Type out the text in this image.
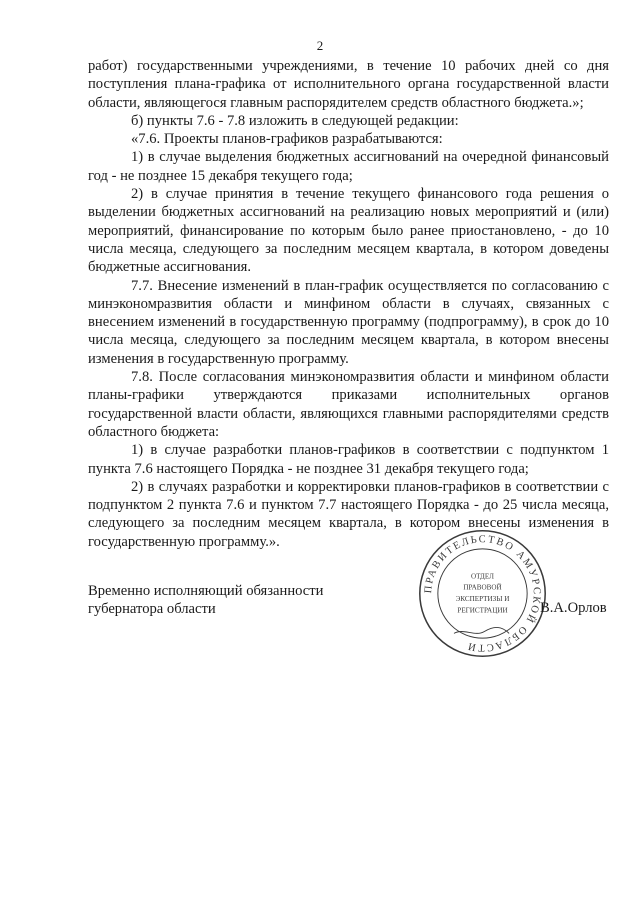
2

работ) государственными учреждениями, в течение 10 рабочих дней со дня поступления плана-графика от исполнительного органа государственной власти области, являющегося главным распорядителем средств областного бюджета.»;

б) пункты 7.6 - 7.8 изложить в следующей редакции:

«7.6. Проекты планов-графиков разрабатываются:

1) в случае выделения бюджетных ассигнований на очередной финансовый год - не позднее 15 декабря текущего года;

2) в случае принятия в течение текущего финансового года решения о выделении бюджетных ассигнований на реализацию новых мероприятий и (или) мероприятий, финансирование по которым было ранее приостановлено, - до 10 числа месяца, следующего за последним месяцем квартала, в котором доведены бюджетные ассигнования.

7.7. Внесение изменений в план-график осуществляется по согласованию с минэкономразвития области и минфином области в случаях, связанных с внесением изменений в государственную программу (подпрограмму), в срок до 10 числа месяца, следующего за последним месяцем квартала, в котором внесены изменения в государственную программу.

7.8. После согласования минэкономразвития области и минфином области планы-графики утверждаются приказами исполнительных органов государственной власти области, являющихся главными распорядителями средств областного бюджета:

1) в случае разработки планов-графиков в соответствии с подпунктом 1 пункта 7.6 настоящего Порядка - не позднее 31 декабря текущего года;

2) в случаях разработки и корректировки планов-графиков в соответствии с подпунктом 2 пункта 7.6 и пунктом 7.7 настоящего Порядка - до 25 числа месяца, следующего за последним месяцем квартала, в котором внесены изменения в государственную программу.».

Временно исполняющий обязанности
губернатора области
ПРАВИТЕЛЬСТВО АМУРСКОЙ ОБЛАСТИ
ОТДЕЛ
ПРАВОВОЙ
ЭКСПЕРТИЗЫ И
РЕГИСТРАЦИИ В.А.Орлов
